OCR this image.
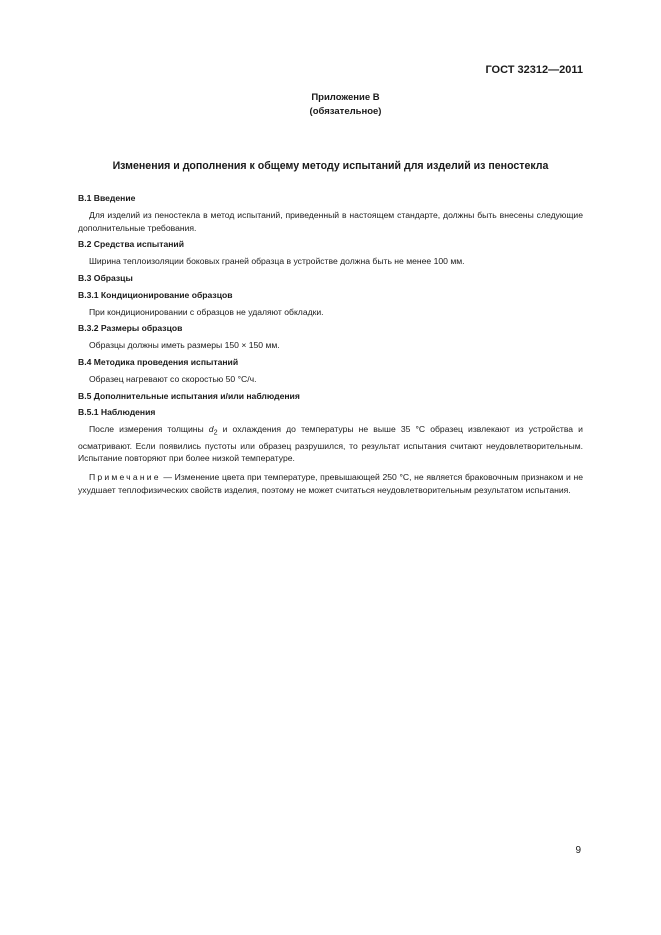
ГОСТ 32312—2011
Приложение В
(обязательное)
Изменения и дополнения к общему методу испытаний для изделий из пеностекла
В.1 Введение
Для изделий из пеностекла в метод испытаний, приведенный в настоящем стандарте, должны быть внесены следующие дополнительные требования.
В.2 Средства испытаний
Ширина теплоизоляции боковых граней образца в устройстве должна быть не менее 100 мм.
В.3 Образцы
В.3.1 Кондиционирование образцов
При кондиционировании с образцов не удаляют обкладки.
В.3.2 Размеры образцов
Образцы должны иметь размеры 150 × 150 мм.
В.4 Методика проведения испытаний
Образец нагревают со скоростью 50 °С/ч.
В.5 Дополнительные испытания и/или наблюдения
В.5.1 Наблюдения
После измерения толщины $d_2$ и охлаждения до температуры не выше 35 °С образец извлекают из устройства и осматривают. Если появились пустоты или образец разрушился, то результат испытания считают неудовлетворительным. Испытание повторяют при более низкой температуре.
Примечание — Изменение цвета при температуре, превышающей 250 °С, не является браковочным признаком и не ухудшает теплофизических свойств изделия, поэтому не может считаться неудовлетворительным результатом испытания.
9
